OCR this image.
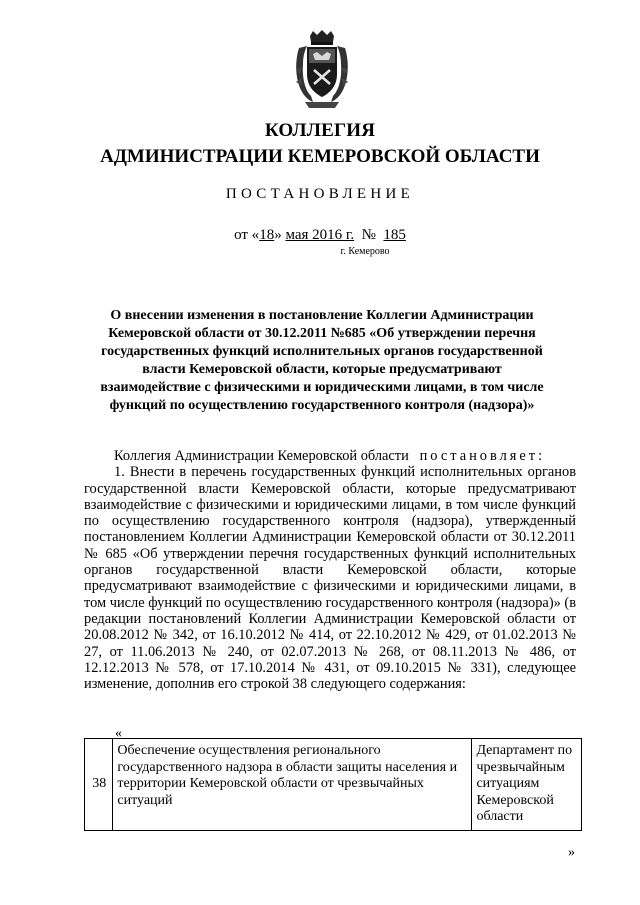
КОЛЛЕГИЯ
АДМИНИСТРАЦИИ КЕМЕРОВСКОЙ ОБЛАСТИ
ПОСТАНОВЛЕНИЕ
от «18» мая 2016 г. № 185
г. Кемерово
О внесении изменения в постановление Коллегии Администрации
Кемеровской области от 30.12.2011 №685 «Об утверждении перечня
государственных функций исполнительных органов государственной
власти Кемеровской области, которые предусматривают
взаимодействие с физическими и юридическими лицами, в том числе
функций по осуществлению государственного контроля (надзора)»

Коллегия Администрации Кемеровской области постановляет:

1. Внести в перечень государственных функций исполнительных органов государственной власти Кемеровской области, которые предусматривают взаимодействие с физическими и юридическими лицами, в том числе функций по осуществлению государственного контроля (надзора), утвержденный постановлением Коллегии Администрации Кемеровской области от 30.12.2011 № 685 «Об утверждении перечня государственных функций исполнительных органов государственной власти Кемеровской области, которые предусматривают взаимодействие с физическими и юридическими лицами, в том числе функций по осуществлению государственного контроля (надзора)» (в редакции постановлений Коллегии Администрации Кемеровской области от 20.08.2012 № 342, от 16.10.2012 № 414, от 22.10.2012 № 429, от 01.02.2013 № 27, от 11.06.2013 № 240, от 02.07.2013 № 268, от 08.11.2013 № 486, от 12.12.2013 № 578, от 17.10.2014 № 431, от 09.10.2015 № 331), следующее изменение, дополнив его строкой 38 следующего содержания:

«
38	Обеспечение осуществления регионального государственного надзора в области защиты населения и территории Кемеровской области от чрезвычайных ситуаций	Департамент по чрезвычайным ситуациям Кемеровской области
»
